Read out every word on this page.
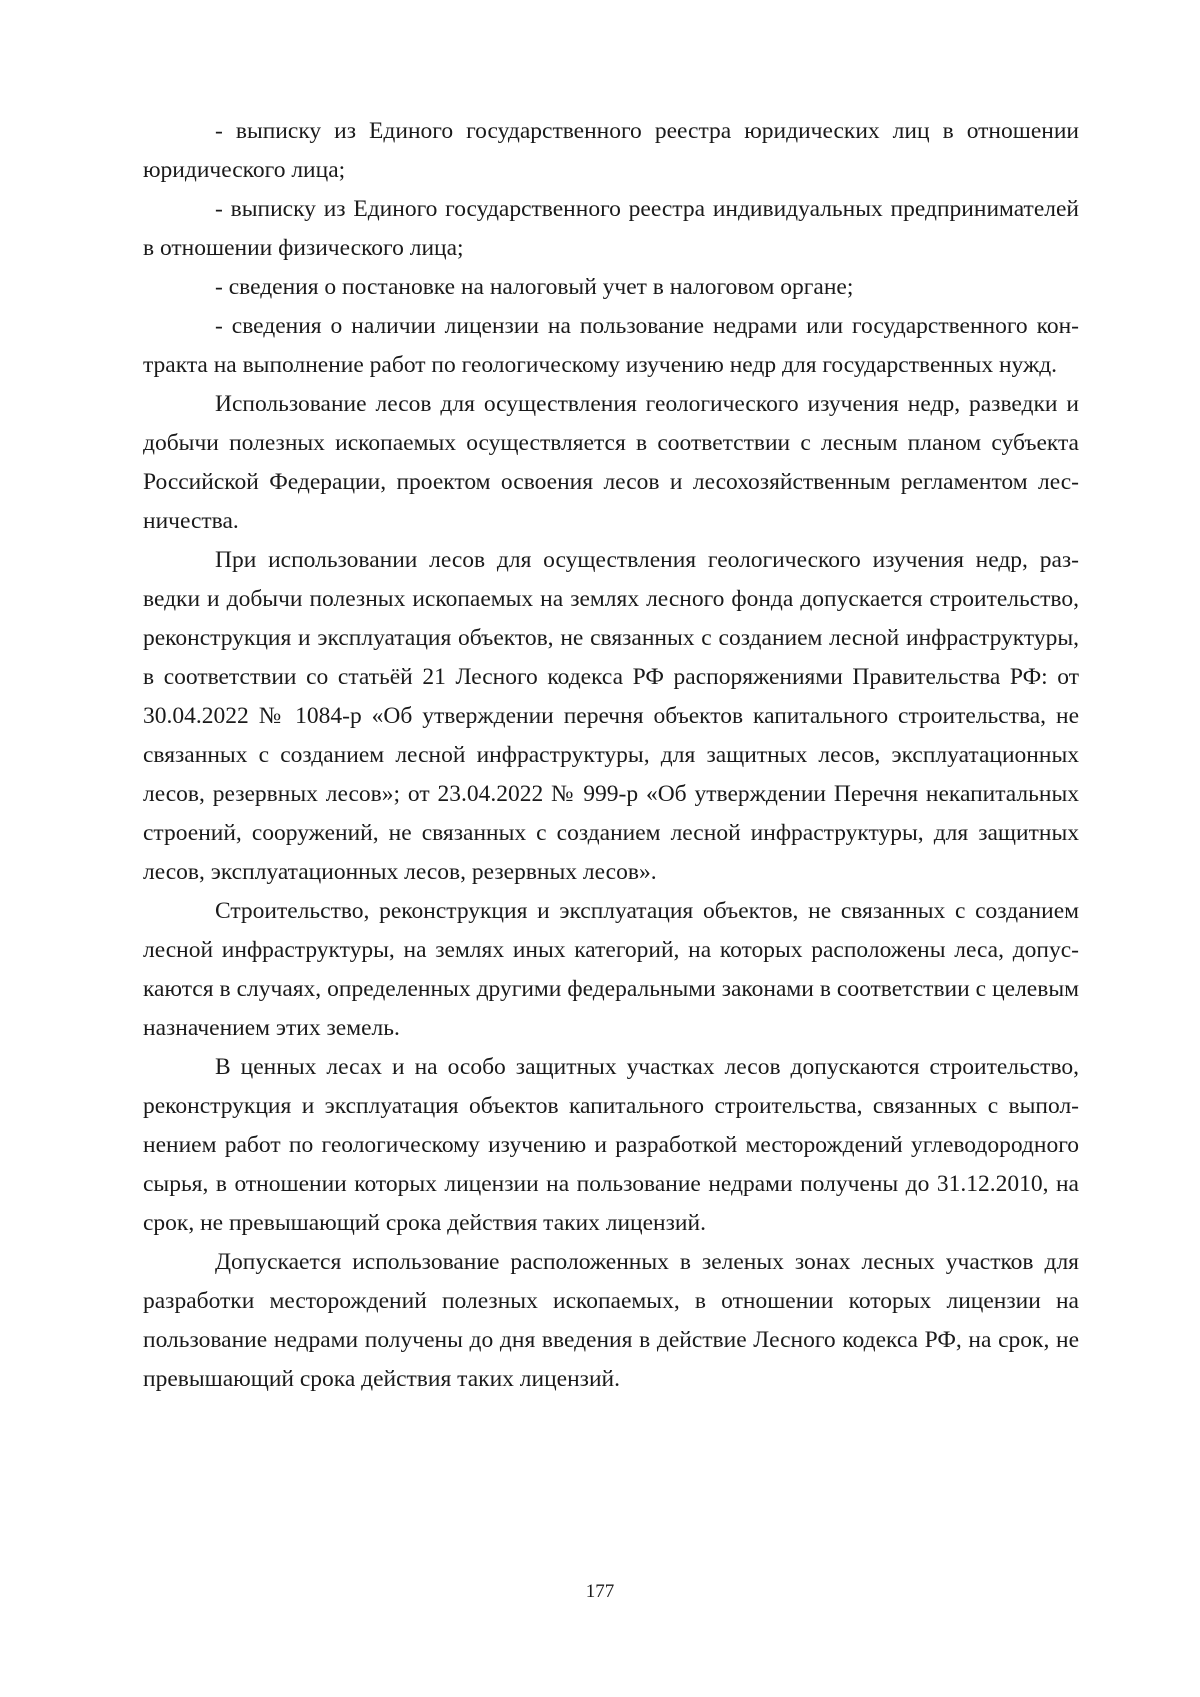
- выписку из Единого государственного реестра юридических лиц в отношении юридического лица;

- выписку из Единого государственного реестра индивидуальных предпринимателей в отношении физического лица;

- сведения о постановке на налоговый учет в налоговом органе;

- сведения о наличии лицензии на пользование недрами или государственного контракта на выполнение работ по геологическому изучению недр для государственных нужд.

Использование лесов для осуществления геологического изучения недр, разведки и добычи полезных ископаемых осуществляется в соответствии с лесным планом субъекта Российской Федерации, проектом освоения лесов и лесохозяйственным регламентом лесничества.

При использовании лесов для осуществления геологического изучения недр, разведки и добычи полезных ископаемых на землях лесного фонда допускается строительство, реконструкция и эксплуатация объектов, не связанных с созданием лесной инфраструктуры, в соответствии со статьёй 21 Лесного кодекса РФ распоряжениями Правительства РФ: от 30.04.2022 № 1084-р «Об утверждении перечня объектов капитального строительства, не связанных с созданием лесной инфраструктуры, для защитных лесов, эксплуатационных лесов, резервных лесов»; от 23.04.2022 № 999-р «Об утверждении Перечня некапитальных строений, сооружений, не связанных с созданием лесной инфраструктуры, для защитных лесов, эксплуатационных лесов, резервных лесов».

Строительство, реконструкция и эксплуатация объектов, не связанных с созданием лесной инфраструктуры, на землях иных категорий, на которых расположены леса, допускаются в случаях, определенных другими федеральными законами в соответствии с целевым назначением этих земель.

В ценных лесах и на особо защитных участках лесов допускаются строительство, реконструкция и эксплуатация объектов капитального строительства, связанных с выполнением работ по геологическому изучению и разработкой месторождений углеводородного сырья, в отношении которых лицензии на пользование недрами получены до 31.12.2010, на срок, не превышающий срока действия таких лицензий.

Допускается использование расположенных в зеленых зонах лесных участков для разработки месторождений полезных ископаемых, в отношении которых лицензии на пользование недрами получены до дня введения в действие Лесного кодекса РФ, на срок, не превышающий срока действия таких лицензий.

177
